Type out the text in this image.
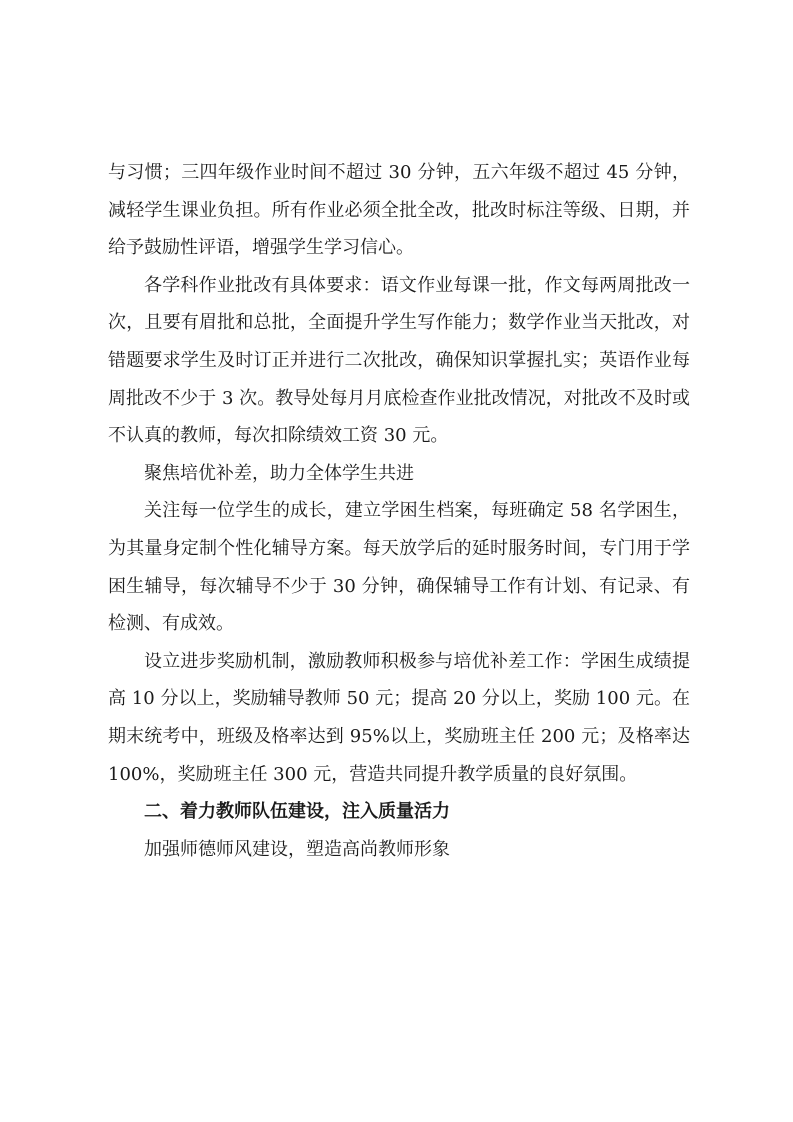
与习惯；三四年级作业时间不超过 30 分钟，五六年级不超过 45 分钟，减轻学生课业负担。所有作业必须全批全改，批改时标注等级、日期，并给予鼓励性评语，增强学生学习信心。

各学科作业批改有具体要求：语文作业每课一批，作文每两周批改一次，且要有眉批和总批，全面提升学生写作能力；数学作业当天批改，对错题要求学生及时订正并进行二次批改，确保知识掌握扎实；英语作业每周批改不少于 3 次。教导处每月月底检查作业批改情况，对批改不及时或不认真的教师，每次扣除绩效工资 30 元。

聚焦培优补差，助力全体学生共进

关注每一位学生的成长，建立学困生档案，每班确定 58 名学困生，为其量身定制个性化辅导方案。每天放学后的延时服务时间，专门用于学困生辅导，每次辅导不少于 30 分钟，确保辅导工作有计划、有记录、有检测、有成效。

设立进步奖励机制，激励教师积极参与培优补差工作：学困生成绩提高 10 分以上，奖励辅导教师 50 元；提高 20 分以上，奖励 100 元。在期末统考中，班级及格率达到 95%以上，奖励班主任 200 元；及格率达 100%，奖励班主任 300 元，营造共同提升教学质量的良好氛围。

二、着力教师队伍建设，注入质量活力

加强师德师风建设，塑造高尚教师形象
